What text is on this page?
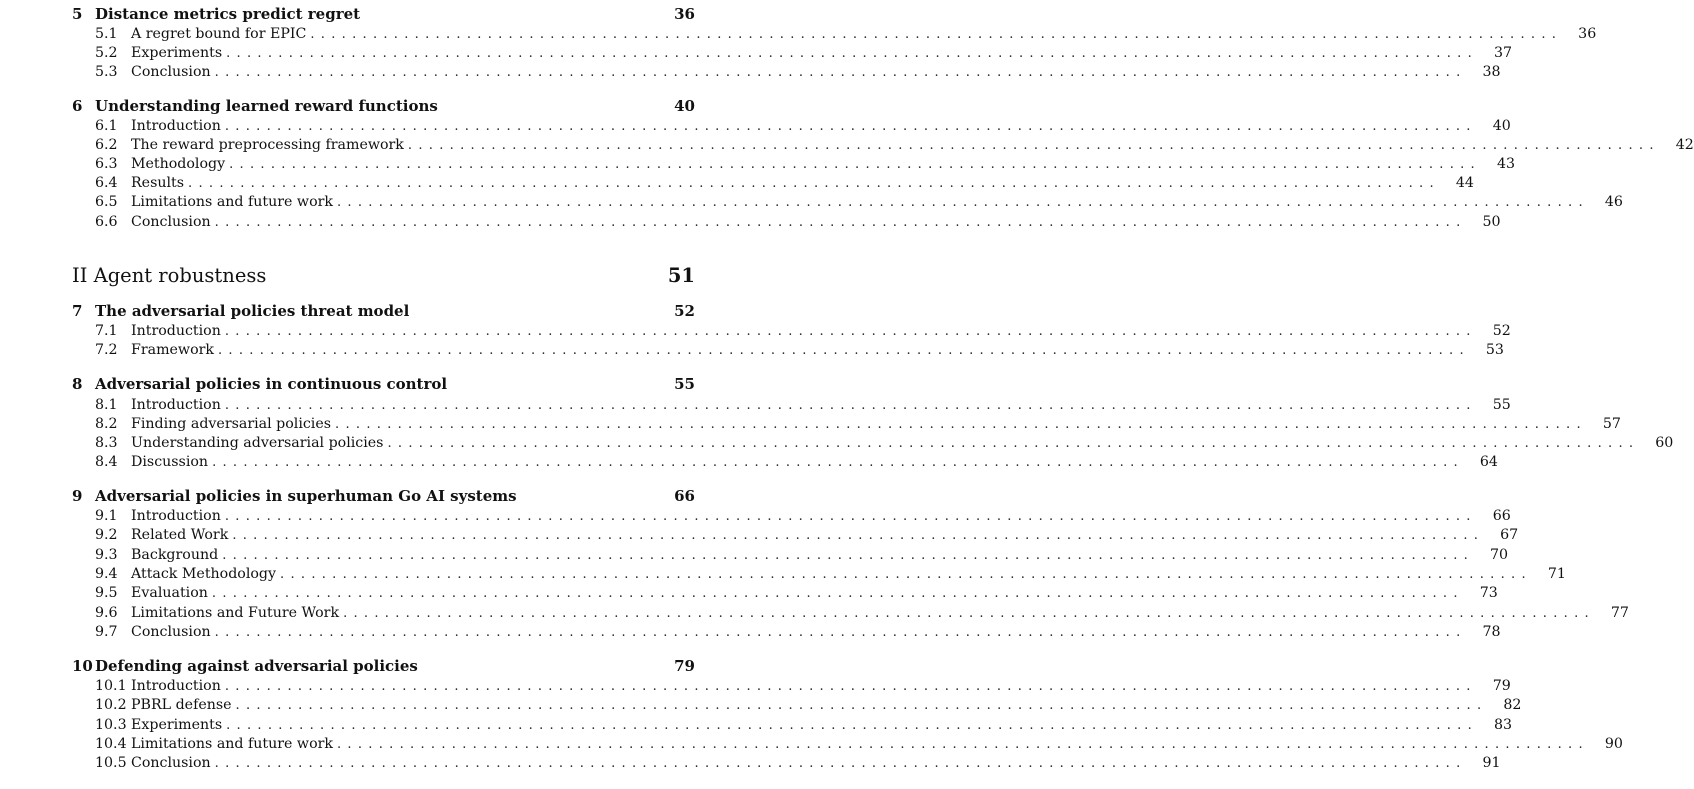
5 Distance metrics predict regret	36
5.1 A regret bound for EPIC ........................................................................................................................	36
5.2 Experiments ........................................................................................................................	37
5.3 Conclusion ........................................................................................................................	38
6 Understanding learned reward functions	40
6.1 Introduction ........................................................................................................................	40
6.2 The reward preprocessing framework ........................................................................................................................	42
6.3 Methodology ........................................................................................................................	43
6.4 Results ........................................................................................................................	44
6.5 Limitations and future work ........................................................................................................................	46
6.6 Conclusion ........................................................................................................................	50
II Agent robustness	51
7 The adversarial policies threat model	52
7.1 Introduction ........................................................................................................................	52
7.2 Framework ........................................................................................................................	53
8 Adversarial policies in continuous control	55
8.1 Introduction ........................................................................................................................	55
8.2 Finding adversarial policies ........................................................................................................................	57
8.3 Understanding adversarial policies ........................................................................................................................	60
8.4 Discussion ........................................................................................................................	64
9 Adversarial policies in superhuman Go AI systems	66
9.1 Introduction ........................................................................................................................	66
9.2 Related Work ........................................................................................................................	67
9.3 Background ........................................................................................................................	70
9.4 Attack Methodology ........................................................................................................................	71
9.5 Evaluation ........................................................................................................................	73
9.6 Limitations and Future Work ........................................................................................................................	77
9.7 Conclusion ........................................................................................................................	78
10 Defending against adversarial policies	79
10.1 Introduction ........................................................................................................................	79
10.2 PBRL defense ........................................................................................................................	82
10.3 Experiments ........................................................................................................................	83
10.4 Limitations and future work ........................................................................................................................	90
10.5 Conclusion ........................................................................................................................	91
